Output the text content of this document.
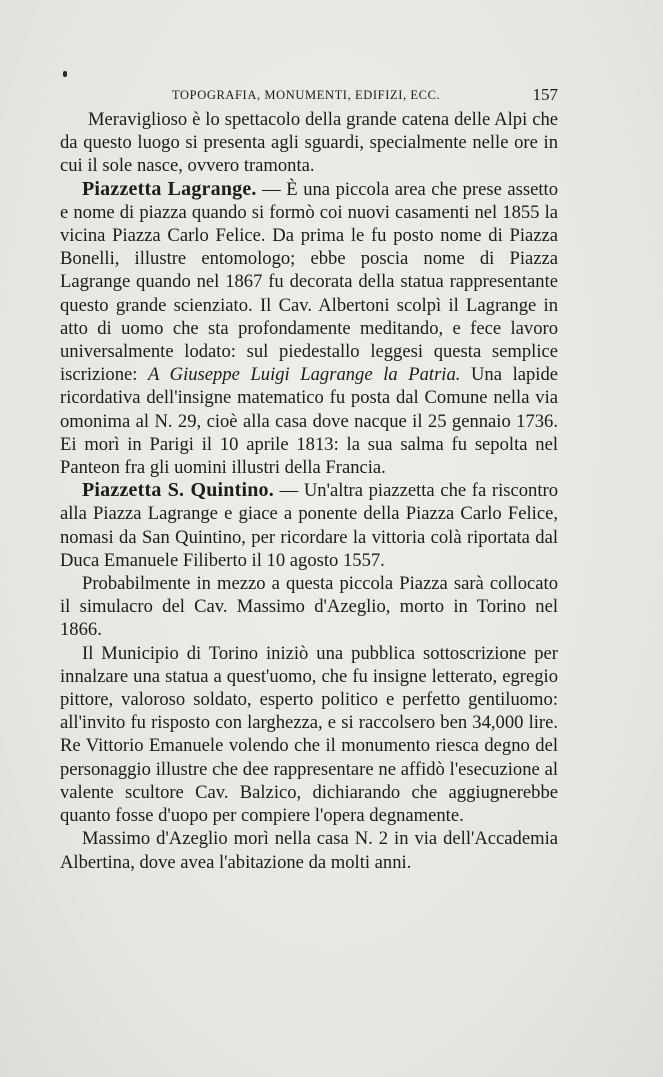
TOPOGRAFIA, MONUMENTI, EDIFIZI, ECC.	157

Meraviglioso è lo spettacolo della grande catena delle Alpi che da questo luogo si presenta agli sguardi, specialmente nelle ore in cui il sole nasce, ovvero tramonta.

Piazzetta Lagrange. — È una piccola area che prese assetto e nome di piazza quando si formò coi nuovi casamenti nel 1855 la vicina Piazza Carlo Felice. Da prima le fu posto nome di Piazza Bonelli, illustre entomologo; ebbe poscia nome di Piazza Lagrange quando nel 1867 fu decorata della statua rappresentante questo grande scienziato. Il Cav. Albertoni scolpì il Lagrange in atto di uomo che sta profondamente meditando, e fece lavoro universalmente lodato: sul piedestallo leggesi questa semplice iscrizione: A Giuseppe Luigi Lagrange la Patria. Una lapide ricordativa dell'insigne matematico fu posta dal Comune nella via omonima al N. 29, cioè alla casa dove nacque il 25 gennaio 1736. Ei morì in Parigi il 10 aprile 1813: la sua salma fu sepolta nel Panteon fra gli uomini illustri della Francia.

Piazzetta S. Quintino. — Un'altra piazzetta che fa riscontro alla Piazza Lagrange e giace a ponente della Piazza Carlo Felice, nomasi da San Quintino, per ricordare la vittoria colà riportata dal Duca Emanuele Filiberto il 10 agosto 1557.

Probabilmente in mezzo a questa piccola Piazza sarà collocato il simulacro del Cav. Massimo d'Azeglio, morto in Torino nel 1866.

Il Municipio di Torino iniziò una pubblica sottoscrizione per innalzare una statua a quest'uomo, che fu insigne letterato, egregio pittore, valoroso soldato, esperto politico e perfetto gentiluomo: all'invito fu risposto con larghezza, e si raccolsero ben 34,000 lire. Re Vittorio Emanuele volendo che il monumento riesca degno del personaggio illustre che dee rappresentare ne affidò l'esecuzione al valente scultore Cav. Balzico, dichiarando che aggiugnerebbe quanto fosse d'uopo per compiere l'opera degnamente.

Massimo d'Azeglio morì nella casa N. 2 in via dell'Accademia Albertina, dove avea l'abitazione da molti anni.
